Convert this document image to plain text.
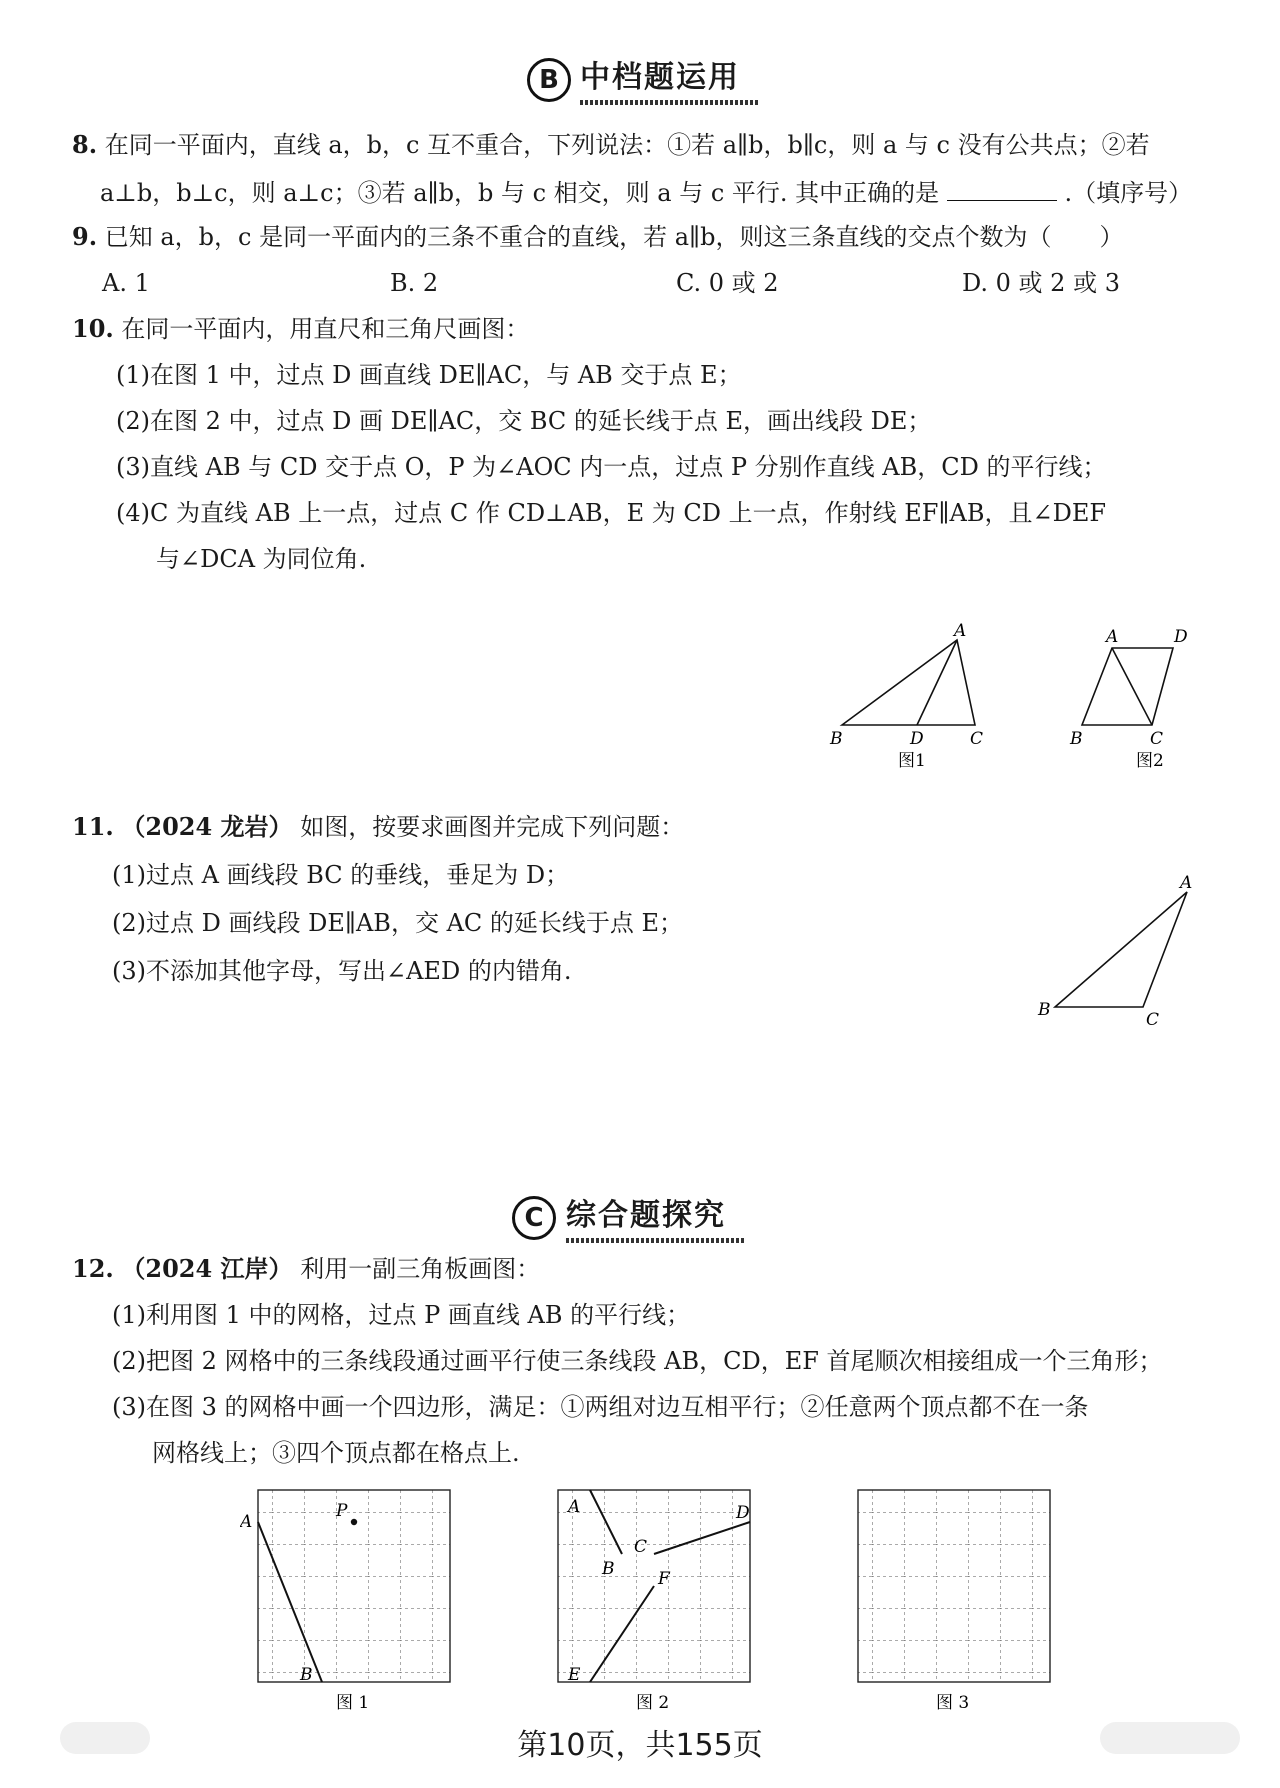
B 中档题运用
8. 在同一平面内，直线 a，b，c 互不重合，下列说法：①若 a∥b，b∥c，则 a 与 c 没有公共点；②若
a⊥b，b⊥c，则 a⊥c；③若 a∥b，b 与 c 相交，则 a 与 c 平行. 其中正确的是	.（填序号）
9. 已知 a，b，c 是同一平面内的三条不重合的直线，若 a∥b，则这三条直线的交点个数为（　　）
A. 1	B. 2	C. 0 或 2	D. 0 或 2 或 3
10. 在同一平面内，用直尺和三角尺画图：
(1)在图 1 中，过点 D 画直线 DE∥AC，与 AB 交于点 E；
(2)在图 2 中，过点 D 画 DE∥AC，交 BC 的延长线于点 E，画出线段 DE；
(3)直线 AB 与 CD 交于点 O，P 为∠AOC 内一点，过点 P 分别作直线 AB，CD 的平行线；
(4)C 为直线 AB 上一点，过点 C 作 CD⊥AB，E 为 CD 上一点，作射线 EF∥AB，且∠DEF
与∠DCA 为同位角.
A
B	D	C
图1
A	D
B	C
图2
11. （2024 龙岩） 如图，按要求画图并完成下列问题：
(1)过点 A 画线段 BC 的垂线，垂足为 D；
(2)过点 D 画线段 DE∥AB，交 AC 的延长线于点 E；
(3)不添加其他字母，写出∠AED 的内错角.
A
B	C
C 综合题探究
12. （2024 江岸） 利用一副三角板画图：
(1)利用图 1 中的网格，过点 P 画直线 AB 的平行线；
(2)把图 2 网格中的三条线段通过画平行使三条线段 AB，CD，EF 首尾顺次相接组成一个三角形；
(3)在图 3 的网格中画一个四边形，满足：①两组对边互相平行；②任意两个顶点都不在一条
网格线上；③四个顶点都在格点上.
A
B
P
图 1
A
B
C
D
E
F
图 2	图 3
第10页，共155页
